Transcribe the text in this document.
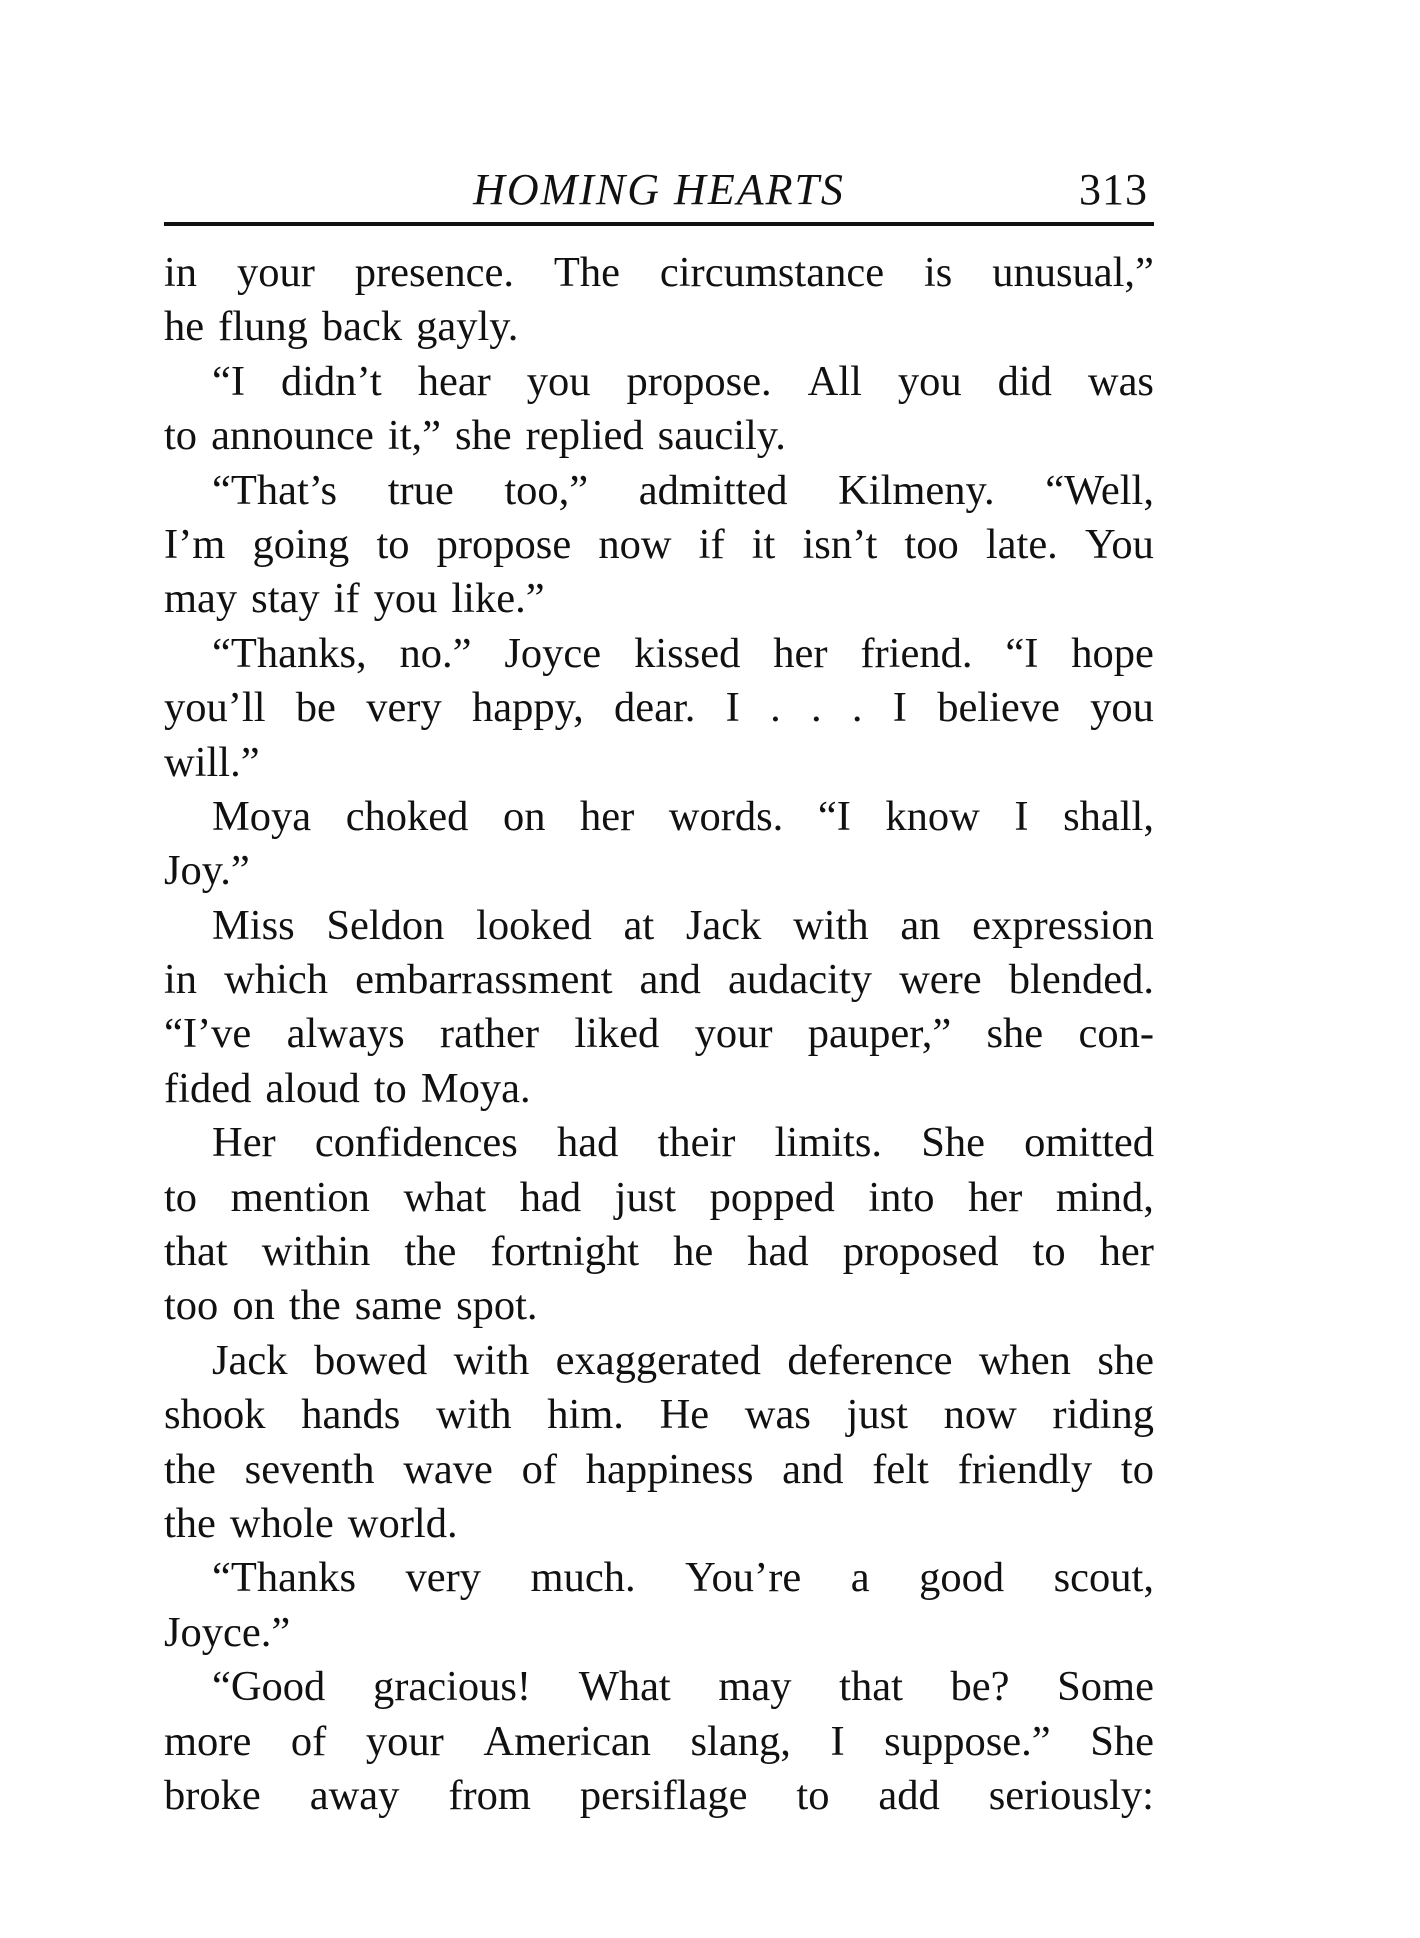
HOMING HEARTS	313
in your presence. The circumstance is unusual,”
he flung back gayly.
“I didn’t hear you propose. All you did was
to announce it,” she replied saucily.
“That’s true too,” admitted Kilmeny. “Well,
I’m going to propose now if it isn’t too late. You
may stay if you like.”
“Thanks, no.” Joyce kissed her friend. “I hope
you’ll be very happy, dear. I . . . I believe you
will.”
Moya choked on her words. “I know I shall,
Joy.”
Miss Seldon looked at Jack with an expression
in which embarrassment and audacity were blended.
“I’ve always rather liked your pauper,” she con-
fided aloud to Moya.
Her confidences had their limits. She omitted
to mention what had just popped into her mind,
that within the fortnight he had proposed to her
too on the same spot.
Jack bowed with exaggerated deference when she
shook hands with him. He was just now riding
the seventh wave of happiness and felt friendly to
the whole world.
“Thanks very much. You’re a good scout,
Joyce.”
“Good gracious! What may that be? Some
more of your American slang, I suppose.” She
broke away from persiflage to add seriously:
